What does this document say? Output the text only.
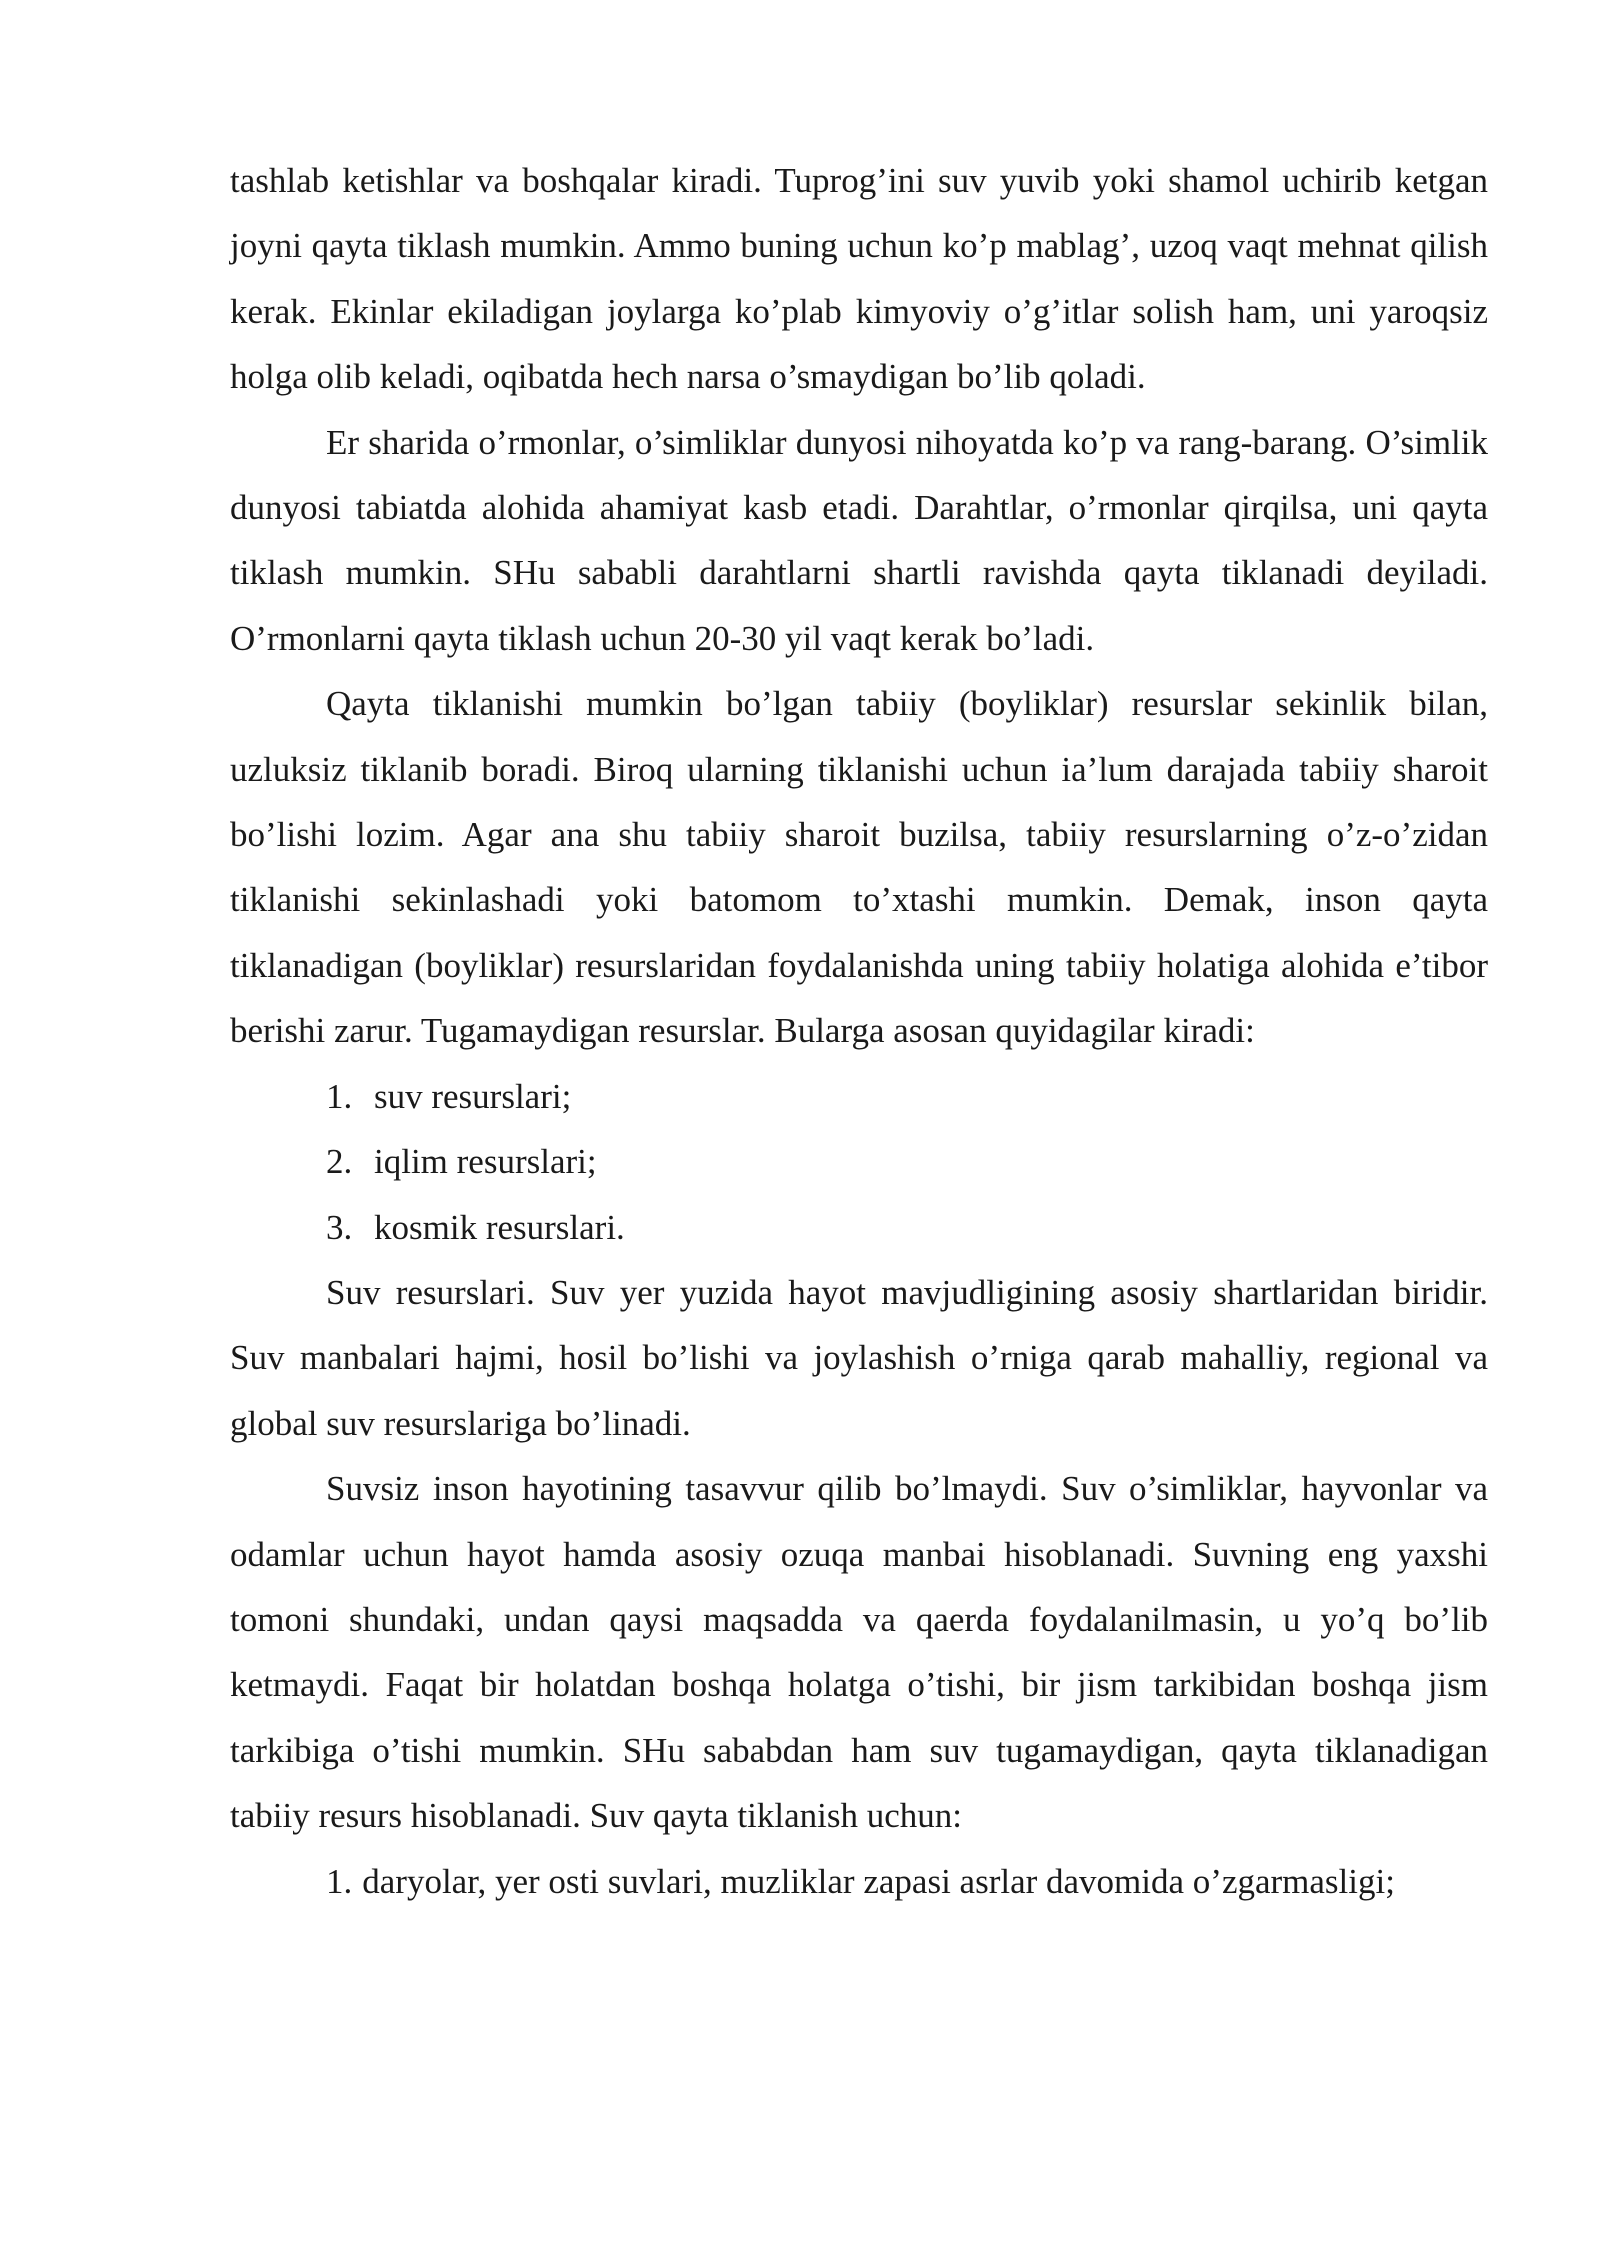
tashlab ketishlar va boshqalar kiradi. Tuprog’ini suv yuvib yoki shamol uchirib ketgan joyni qayta tiklash mumkin. Ammo buning uchun ko’p mablag’, uzoq vaqt mehnat qilish kerak. Ekinlar ekiladigan joylarga ko’plab kimyoviy o’g’itlar solish ham, uni yaroqsiz holga olib keladi, oqibatda hech narsa o’smaydigan bo’lib qoladi.

Er sharida o’rmonlar, o’simliklar dunyosi nihoyatda ko’p va rang-barang. O’simlik dunyosi tabiatda alohida ahamiyat kasb etadi. Darahtlar, o’rmonlar qirqilsa, uni qayta tiklash mumkin. SHu sababli darahtlarni shartli ravishda qayta tiklanadi deyiladi. O’rmonlarni qayta tiklash uchun 20-30 yil vaqt kerak bo’ladi.

Qayta tiklanishi mumkin bo’lgan tabiiy (boyliklar) resurslar sekinlik bilan, uzluksiz tiklanib boradi. Biroq ularning tiklanishi uchun ia’lum darajada tabiiy sharoit bo’lishi lozim. Agar ana shu tabiiy sharoit buzilsa, tabiiy resurslarning o’z-o’zidan tiklanishi sekinlashadi yoki batomom to’xtashi mumkin. Demak, inson qayta tiklanadigan (boyliklar) resurslaridan foydalanishda uning tabiiy holatiga alohida e’tibor berishi zarur. Tugamaydigan resurslar. Bularga asosan quyidagilar kiradi:

1. suv resurslari;

2. iqlim resurslari;

3. kosmik resurslari.

Suv resurslari. Suv yer yuzida hayot mavjudligining asosiy shartlaridan biridir. Suv manbalari hajmi, hosil bo’lishi va joylashish o’rniga qarab mahalliy, regional va global suv resurslariga bo’linadi.

Suvsiz inson hayotining tasavvur qilib bo’lmaydi. Suv o’simliklar, hayvonlar va odamlar uchun hayot hamda asosiy ozuqa manbai hisoblanadi. Suvning eng yaxshi tomoni shundaki, undan qaysi maqsadda va qaerda foydalanilmasin, u yo’q bo’lib ketmaydi. Faqat bir holatdan boshqa holatga o’tishi, bir jism tarkibidan boshqa jism tarkibiga o’tishi mumkin. SHu sababdan ham suv tugamaydigan, qayta tiklanadigan tabiiy resurs hisoblanadi. Suv qayta tiklanish uchun:

1. daryolar, yer osti suvlari, muzliklar zapasi asrlar davomida o’zgarmasligi;
